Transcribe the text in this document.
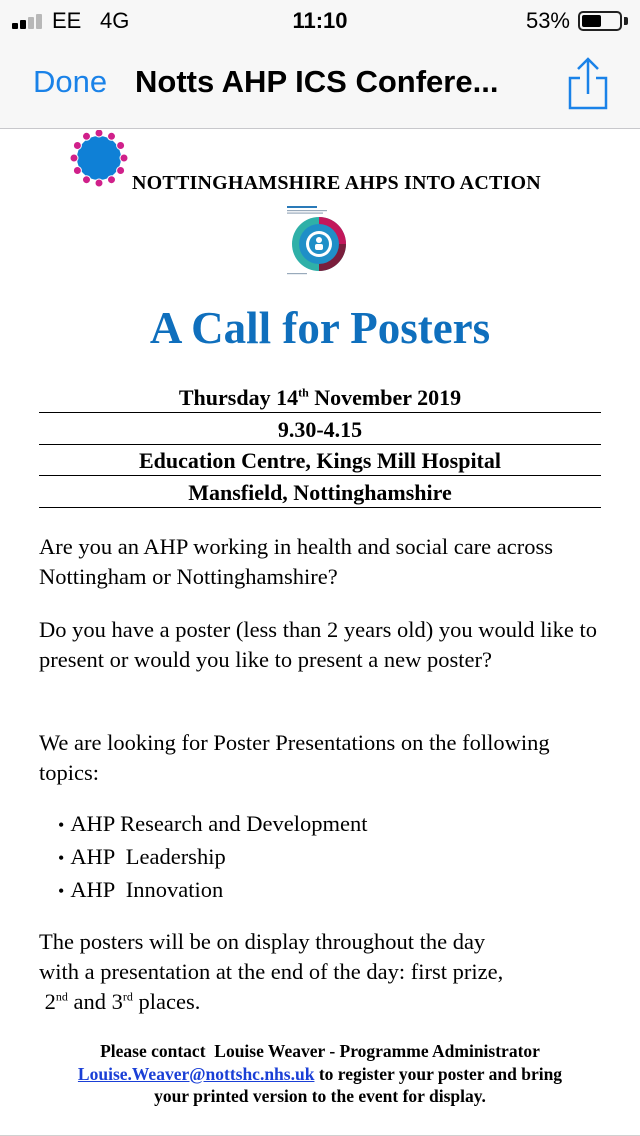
EE 4G	11:10	53%
Done Notts AHP ICS Confere...
NOTTINGHAMSHIRE AHPS INTO ACTION
A Call for Posters
Thursday 14th November 2019
9.30-4.15
Education Centre, Kings Mill Hospital
Mansfield, Nottinghamshire
Are you an AHP working in health and social care across Nottingham or Nottinghamshire?
Do you have a poster (less than 2 years old) you would like to present or would you like to present a new poster?
We are looking for Poster Presentations on the following topics:
• AHP Research and Development
• AHP  Leadership
• AHP  Innovation
The posters will be on display throughout the day
with a presentation at the end of the day: first prize,
2nd and 3rd places.
Please contact  Louise Weaver - Programme Administrator
Louise.Weaver@nottshc.nhs.uk to register your poster and bring
your printed version to the event for display.
